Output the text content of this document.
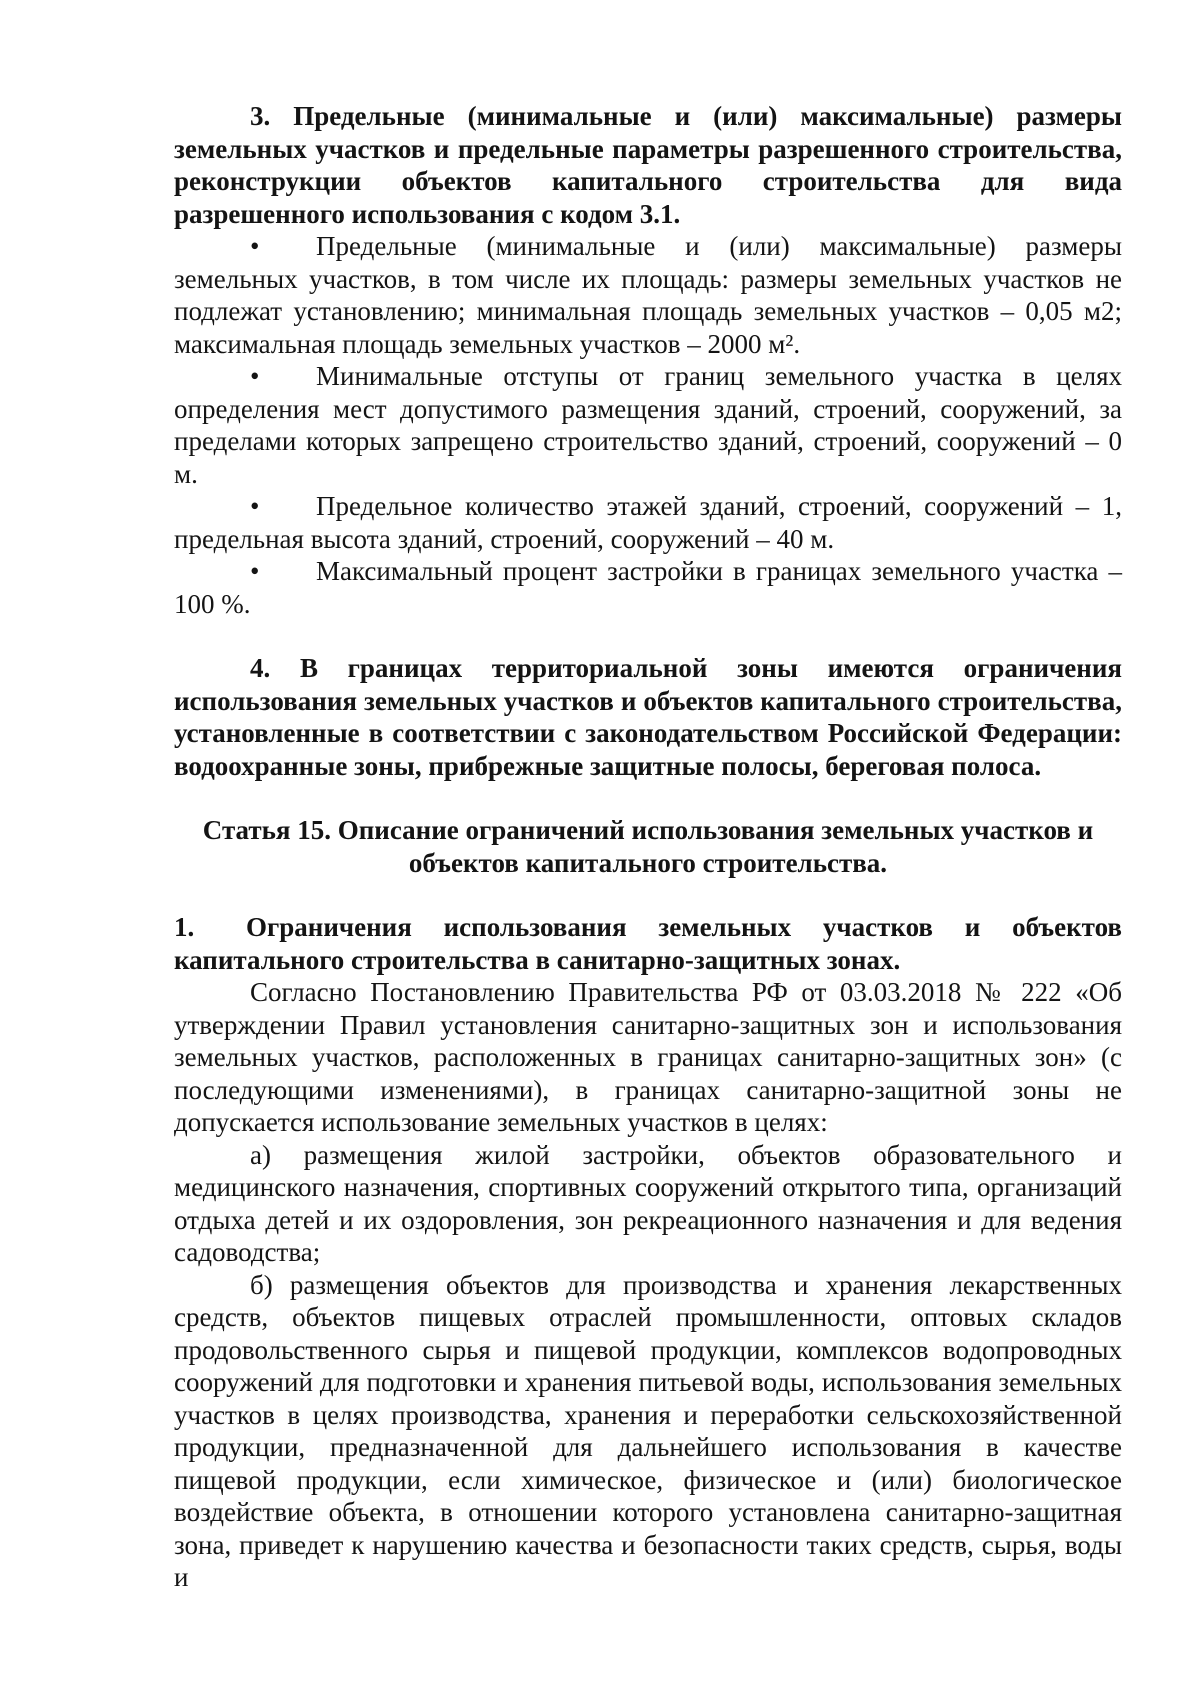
3. Предельные (минимальные и (или) максимальные) размеры земельных участков и предельные параметры разрешенного строительства, реконструкции объектов капитального строительства для вида разрешенного использования с кодом 3.1.

• Предельные (минимальные и (или) максимальные) размеры земельных участков, в том числе их площадь: размеры земельных участков не подлежат установлению; минимальная площадь земельных участков – 0,05 м2; максимальная площадь земельных участков – 2000 м².

• Минимальные отступы от границ земельного участка в целях определения мест допустимого размещения зданий, строений, сооружений, за пределами которых запрещено строительство зданий, строений, сооружений – 0 м.

• Предельное количество этажей зданий, строений, сооружений – 1, предельная высота зданий, строений, сооружений – 40 м.

• Максимальный процент застройки в границах земельного участка – 100 %.

4. В границах территориальной зоны имеются ограничения использования земельных участков и объектов капитального строительства, установленные в соответствии с законодательством Российской Федерации: водоохранные зоны, прибрежные защитные полосы, береговая полоса.

Статья 15. Описание ограничений использования земельных участков и объектов капитального строительства.

1. Ограничения использования земельных участков и объектов капитального строительства в санитарно-защитных зонах.

Согласно Постановлению Правительства РФ от 03.03.2018 № 222 «Об утверждении Правил установления санитарно-защитных зон и использования земельных участков, расположенных в границах санитарно-защитных зон» (с последующими изменениями), в границах санитарно-защитной зоны не допускается использование земельных участков в целях:

а) размещения жилой застройки, объектов образовательного и медицинского назначения, спортивных сооружений открытого типа, организаций отдыха детей и их оздоровления, зон рекреационного назначения и для ведения садоводства;

б) размещения объектов для производства и хранения лекарственных средств, объектов пищевых отраслей промышленности, оптовых складов продовольственного сырья и пищевой продукции, комплексов водопроводных сооружений для подготовки и хранения питьевой воды, использования земельных участков в целях производства, хранения и переработки сельскохозяйственной продукции, предназначенной для дальнейшего использования в качестве пищевой продукции, если химическое, физическое и (или) биологическое воздействие объекта, в отношении которого установлена санитарно-защитная зона, приведет к нарушению качества и безопасности таких средств, сырья, воды и
